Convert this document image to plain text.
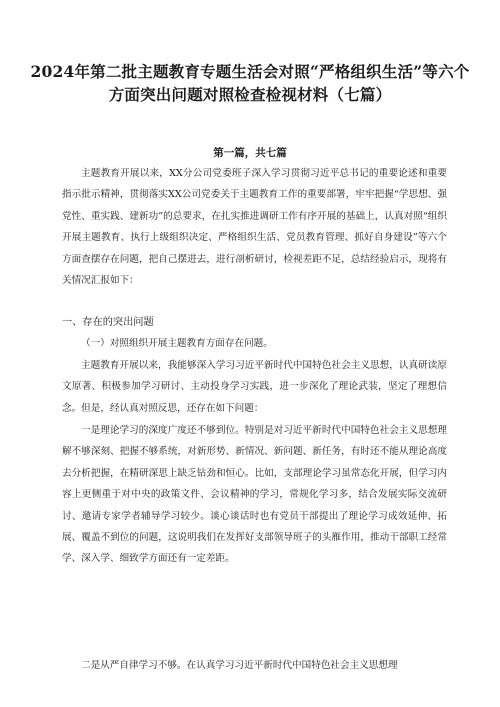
2024年第二批主题教育专题生活会对照“严格组织生活”等六个方面突出问题对照检查检视材料（七篇）
第一篇，共七篇

主题教育开展以来，XX分公司党委班子深入学习贯彻习近平总书记的重要论述和重要指示批示精神，贯彻落实XX公司党委关于主题教育工作的重要部署，牢牢把握“学思想、强党性、重实践、建新功”的总要求，在扎实推进调研工作有序开展的基础上，认真对照“组织开展主题教育、执行上级组织决定、严格组织生活、党员教育管理、抓好自身建设”等六个方面查摆存在问题，把自己摆进去，进行剖析研讨，检视差距不足，总结经验启示，现将有关情况汇报如下：

一、存在的突出问题

（一）对照组织开展主题教育方面存在问题。

主题教育开展以来，我能够深入学习习近平新时代中国特色社会主义思想，认真研读原文原著、积极参加学习研讨、主动投身学习实践，进一步深化了理论武装，坚定了理想信念。但是，经认真对照反思，还存在如下问题：

一是理论学习的深度广度还不够到位。特别是对习近平新时代中国特色社会主义思想理解不够深刻、把握不够系统，对新形势、新情况、新问题、新任务，有时还不能从理论高度去分析把握，在精研深思上缺乏钻劲和恒心。比如，支部理论学习虽常态化开展，但学习内容上更侧重于对中央的政策文件、会议精神的学习，常规化学习多，结合发展实际交流研讨、邀请专家学者辅导学习较少。谈心谈话时也有党员干部提出了理论学习成效延伸、拓展、覆盖不到位的问题，这说明我们在发挥好支部领导班子的头雁作用，推动干部职工经常学、深入学、细致学方面还有一定差距。

二是从严自律学习不够。在认真学习习近平新时代中国特色社会主义思想理
